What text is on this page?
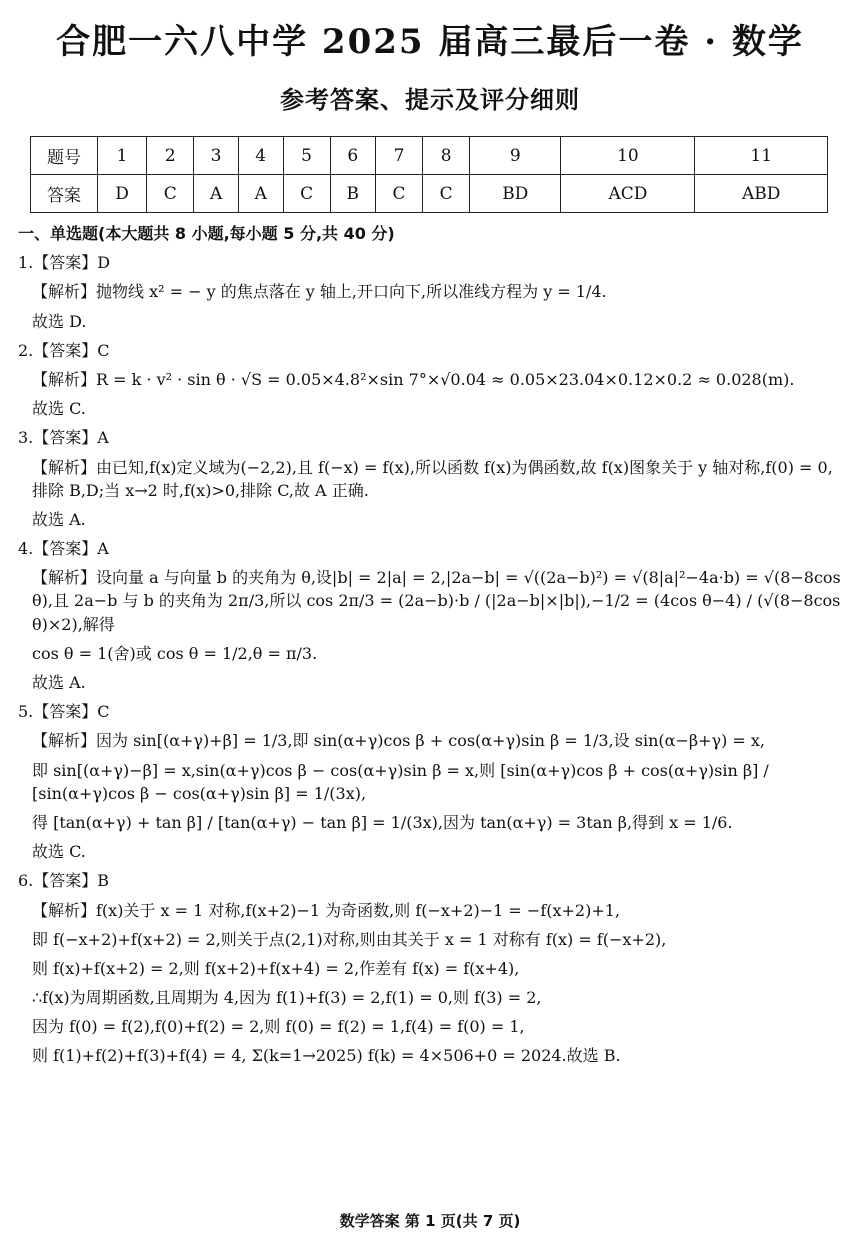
合肥一六八中学 2025 届高三最后一卷 · 数学
参考答案、提示及评分细则
题号	1	2	3	4	5	6	7	8	9	10	11
答案	D	C	A	A	C	B	C	C	BD	ACD	ABD
一、单选题(本大题共 8 小题,每小题 5 分,共 40 分)
1.【答案】D
【解析】抛物线 x² = − y 的焦点落在 y 轴上,开口向下,所以准线方程为 y = 1/4.
故选 D.
2.【答案】C
【解析】R = k · v² · sin θ · √S = 0.05×4.8²×sin 7°×√0.04 ≈ 0.05×23.04×0.12×0.2 ≈ 0.028(m).
故选 C.
3.【答案】A
【解析】由已知,f(x)定义域为(−2,2),且 f(−x) = f(x),所以函数 f(x)为偶函数,故 f(x)图象关于 y 轴对称,f(0) = 0,排除 B,D;当 x→2 时,f(x)>0,排除 C,故 A 正确.
故选 A.
4.【答案】A
【解析】设向量 a 与向量 b 的夹角为 θ,设|b| = 2|a| = 2,|2a−b| = √((2a−b)²) = √(8|a|²−4a·b) = √(8−8cos θ),且 2a−b 与 b 的夹角为 2π/3,所以 cos 2π/3 = (2a−b)·b / (|2a−b|×|b|),−1/2 = (4cos θ−4) / (√(8−8cos θ)×2),解得
cos θ = 1(舍)或 cos θ = 1/2,θ = π/3.
故选 A.
5.【答案】C
【解析】因为 sin[(α+γ)+β] = 1/3,即 sin(α+γ)cos β + cos(α+γ)sin β = 1/3,设 sin(α−β+γ) = x,
即 sin[(α+γ)−β] = x,sin(α+γ)cos β − cos(α+γ)sin β = x,则 [sin(α+γ)cos β + cos(α+γ)sin β] / [sin(α+γ)cos β − cos(α+γ)sin β] = 1/(3x),
得 [tan(α+γ) + tan β] / [tan(α+γ) − tan β] = 1/(3x),因为 tan(α+γ) = 3tan β,得到 x = 1/6.
故选 C.
6.【答案】B
【解析】f(x)关于 x = 1 对称,f(x+2)−1 为奇函数,则 f(−x+2)−1 = −f(x+2)+1,
即 f(−x+2)+f(x+2) = 2,则关于点(2,1)对称,则由其关于 x = 1 对称有 f(x) = f(−x+2),
则 f(x)+f(x+2) = 2,则 f(x+2)+f(x+4) = 2,作差有 f(x) = f(x+4),
∴f(x)为周期函数,且周期为 4,因为 f(1)+f(3) = 2,f(1) = 0,则 f(3) = 2,
因为 f(0) = f(2),f(0)+f(2) = 2,则 f(0) = f(2) = 1,f(4) = f(0) = 1,
则 f(1)+f(2)+f(3)+f(4) = 4, Σ(k=1→2025) f(k) = 4×506+0 = 2024.故选 B.
数学答案 第 1 页(共 7 页)
